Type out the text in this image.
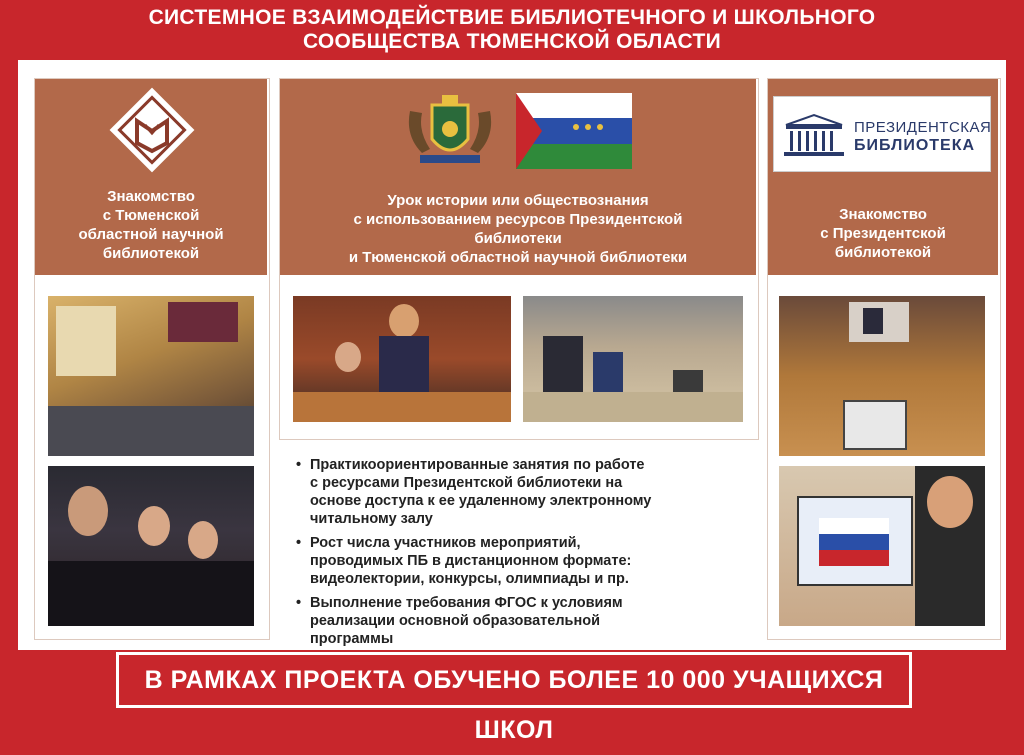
СИСТЕМНОЕ ВЗАИМОДЕЙСТВИЕ БИБЛИОТЕЧНОГО И ШКОЛЬНОГО
СООБЩЕСТВА ТЮМЕНСКОЙ ОБЛАСТИ
Знакомство
с Тюменской
областной научной
библиотекой
Урок истории или обществознания
с использованием ресурсов Президентской
библиотеки
и Тюменской областной научной библиотеки
• Практикоориентированные занятия по работе
с ресурсами Президентской библиотеки на
основе доступа к ее удаленному электронному
читальному залу
• Рост числа участников мероприятий,
проводимых ПБ в дистанционном формате:
видеолектории, конкурсы, олимпиады и пр.
• Выполнение требования ФГОС к условиям
реализации основной образовательной
программы
Знакомство
с Президентской
библиотекой
ПРЕЗИДЕНТСКАЯ
БИБЛИОТЕКА
В РАМКАХ ПРОЕКТА ОБУЧЕНО БОЛЕЕ 10 000 УЧАЩИХСЯ ШКОЛ
